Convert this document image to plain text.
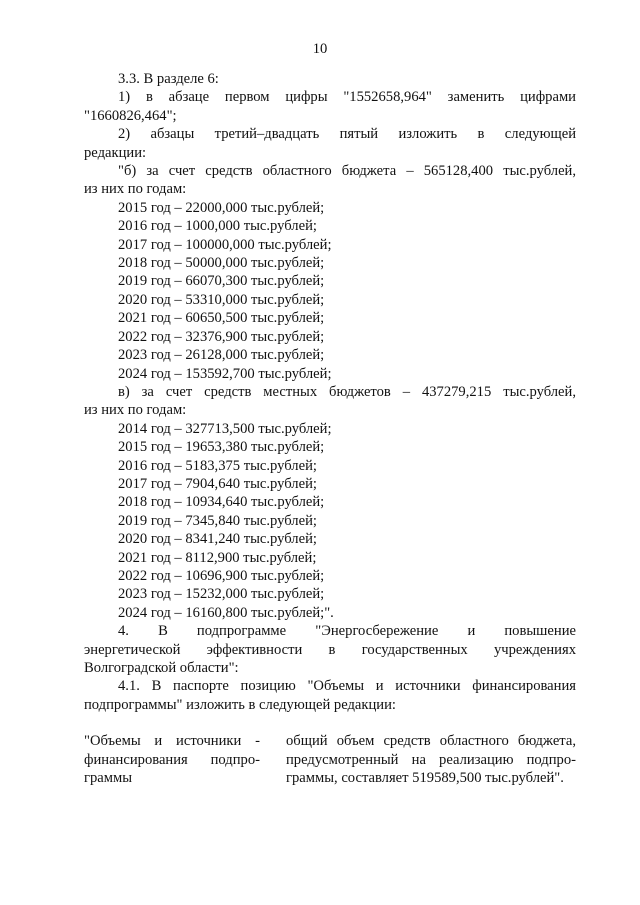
10

3.3. В разделе 6:

1) в абзаце первом цифры "1552658,964" заменить цифрами

"1660826,464";

2) абзацы третий–двадцать пятый изложить в следующей

редакции:

"б) за счет средств областного бюджета – 565128,400 тыс.рублей,

из них по годам:

2015 год – 22000,000 тыс.рублей;
2016 год – 1000,000 тыс.рублей;
2017 год – 100000,000 тыс.рублей;
2018 год – 50000,000 тыс.рублей;
2019 год – 66070,300 тыс.рублей;
2020 год – 53310,000 тыс.рублей;
2021 год – 60650,500 тыс.рублей;
2022 год – 32376,900 тыс.рублей;
2023 год – 26128,000 тыс.рублей;
2024 год – 153592,700 тыс.рублей;

в) за счет средств местных бюджетов – 437279,215 тыс.рублей,

из них по годам:

2014 год – 327713,500 тыс.рублей;
2015 год – 19653,380 тыс.рублей;
2016 год – 5183,375 тыс.рублей;
2017 год – 7904,640 тыс.рублей;
2018 год – 10934,640 тыс.рублей;
2019 год – 7345,840 тыс.рублей;
2020 год – 8341,240 тыс.рублей;
2021 год – 8112,900 тыс.рублей;
2022 год – 10696,900 тыс.рублей;
2023 год – 15232,000 тыс.рублей;
2024 год – 16160,800 тыс.рублей;".

4. В подпрограмме "Энергосбережение и повышение

энергетической эффективности в государственных учреждениях

Волгоградской области":

4.1. В паспорте позицию "Объемы и источники финансирования

подпрограммы" изложить в следующей редакции:

"Объемы и источники -
финансирования подпро-
граммы
общий объем средств областного бюджета,
предусмотренный на реализацию подпро-
граммы, составляет 519589,500 тыс.рублей".
